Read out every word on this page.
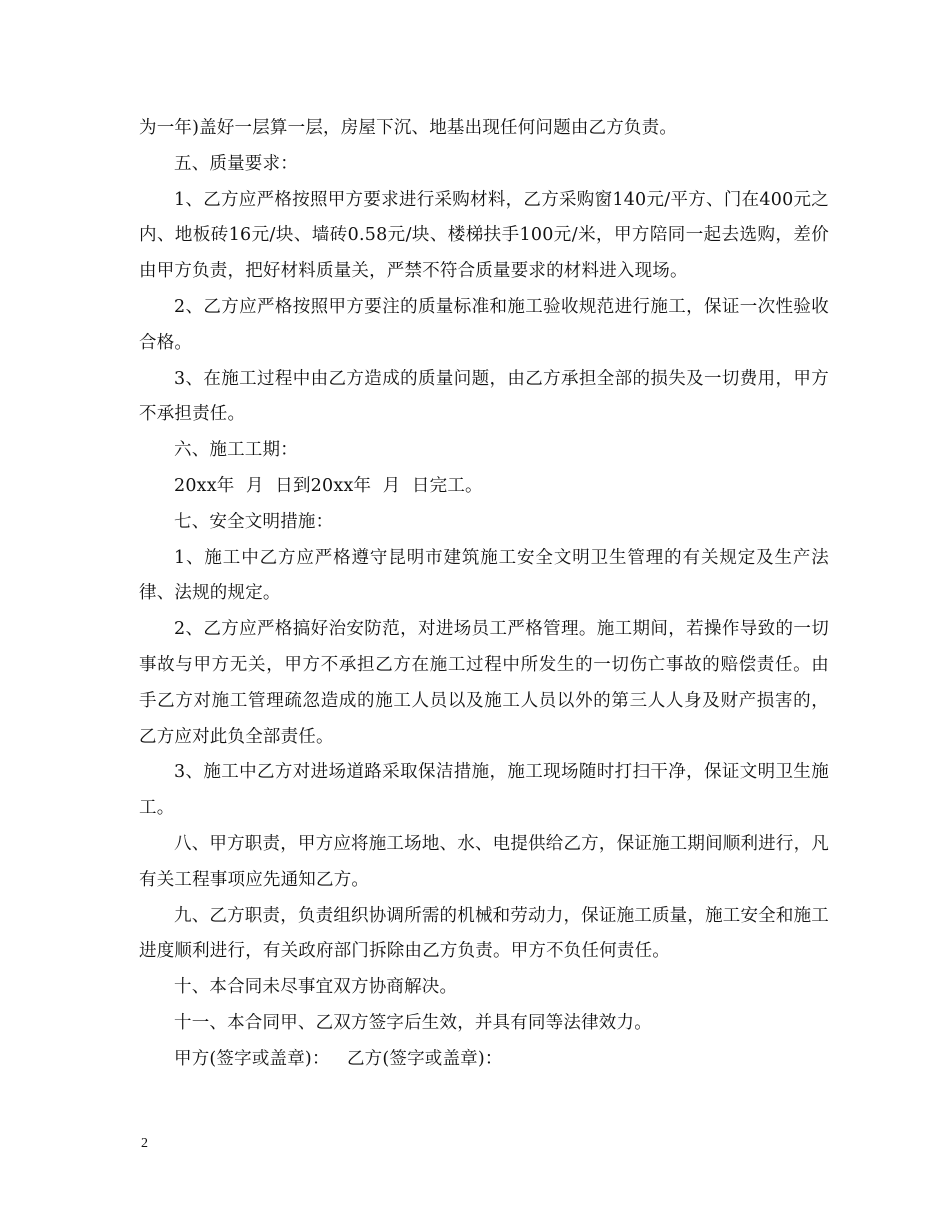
为一年)盖好一层算一层，房屋下沉、地基出现任何问题由乙方负责。

五、质量要求：

1、乙方应严格按照甲方要求进行采购材料，乙方采购窗140元/平方、门在400元之内、地板砖16元/块、墙砖0.58元/块、楼梯扶手100元/米，甲方陪同一起去选购，差价由甲方负责，把好材料质量关，严禁不符合质量要求的材料进入现场。

2、乙方应严格按照甲方要注的质量标准和施工验收规范进行施工，保证一次性验收合格。

3、在施工过程中由乙方造成的质量问题，由乙方承担全部的损失及一切费用，甲方不承担责任。

六、施工工期：

20xx年  月  日到20xx年  月  日完工。

七、安全文明措施：

1、施工中乙方应严格遵守昆明市建筑施工安全文明卫生管理的有关规定及生产法律、法规的规定。

2、乙方应严格搞好治安防范，对进场员工严格管理。施工期间，若操作导致的一切事故与甲方无关，甲方不承担乙方在施工过程中所发生的一切伤亡事故的赔偿责任。由手乙方对施工管理疏忽造成的施工人员以及施工人员以外的第三人人身及财产损害的，乙方应对此负全部责任。

3、施工中乙方对进场道路采取保洁措施，施工现场随时打扫干净，保证文明卫生施工。

八、甲方职责，甲方应将施工场地、水、电提供给乙方，保证施工期间顺利进行，凡有关工程事项应先通知乙方。

九、乙方职责，负责组织协调所需的机械和劳动力，保证施工质量，施工安全和施工进度顺利进行，有关政府部门拆除由乙方负责。甲方不负任何责任。

十、本合同未尽事宜双方协商解决。

十一、本合同甲、乙双方签字后生效，并具有同等法律效力。

甲方(签字或盖章)：   乙方(签字或盖章)：

2
